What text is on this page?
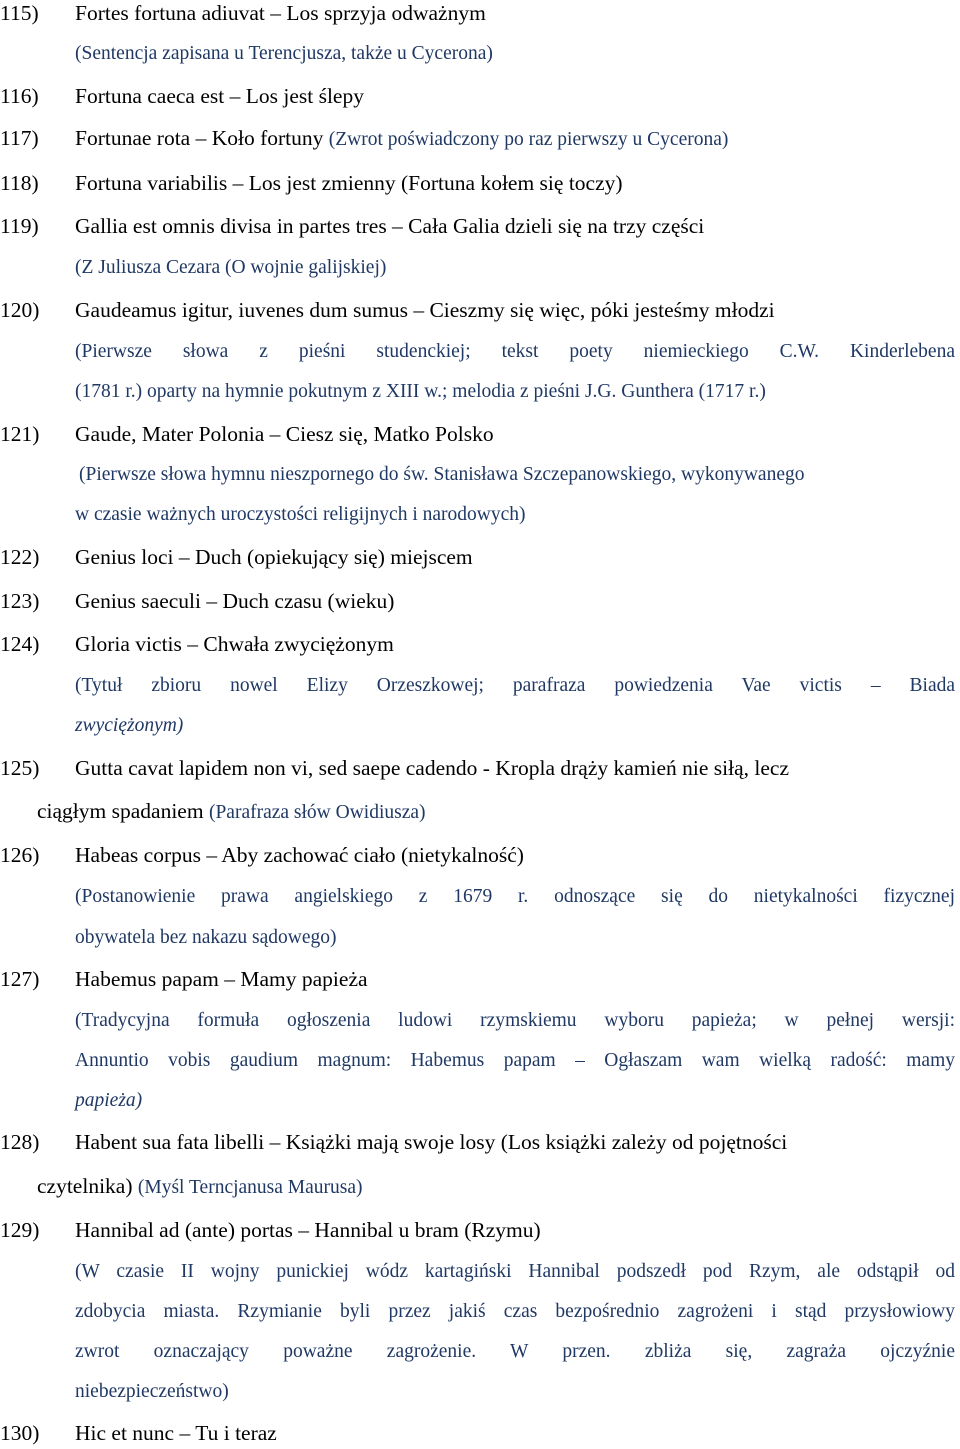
115) Fortes fortuna adiuvat – Los sprzyja odważnym
(Sentencja zapisana u Terencjusza, także u Cycerona)
116) Fortuna caeca est – Los jest ślepy
117) Fortunae rota – Koło fortuny (Zwrot poświadczony po raz pierwszy u Cycerona)
118) Fortuna variabilis – Los jest zmienny (Fortuna kołem się toczy)
119) Gallia est omnis divisa in partes tres – Cała Galia dzieli się na trzy części
(Z Juliusza Cezara (O wojnie galijskiej)
120) Gaudeamus igitur, iuvenes dum sumus – Cieszmy się więc, póki jesteśmy młodzi
(Pierwsze słowa z pieśni studenckiej; tekst poety niemieckiego C.W. Kinderlebena
(1781 r.) oparty na hymnie pokutnym z XIII w.; melodia z pieśni J.G. Gunthera (1717 r.)
121) Gaude, Mater Polonia – Ciesz się, Matko Polsko
(Pierwsze słowa hymnu nieszpornego do św. Stanisława Szczepanowskiego, wykonywanego
w czasie ważnych uroczystości religijnych i narodowych)
122) Genius loci – Duch (opiekujący się) miejscem
123) Genius saeculi – Duch czasu (wieku)
124) Gloria victis – Chwała zwyciężonym
(Tytuł zbioru nowel Elizy Orzeszkowej; parafraza powiedzenia Vae victis – Biada
zwyciężonym)
125) Gutta cavat lapidem non vi, sed saepe cadendo - Kropla drąży kamień nie siłą, lecz
ciągłym spadaniem (Parafraza słów Owidiusza)
126) Habeas corpus – Aby zachować ciało (nietykalność)
(Postanowienie prawa angielskiego z 1679 r. odnoszące się do nietykalności fizycznej
obywatela bez nakazu sądowego)
127) Habemus papam – Mamy papieża
(Tradycyjna formuła ogłoszenia ludowi rzymskiemu wyboru papieża; w pełnej wersji:
Annuntio vobis gaudium magnum: Habemus papam – Ogłaszam wam wielką radość: mamy
papieża)
128) Habent sua fata libelli – Książki mają swoje losy (Los książki zależy od pojętności
czytelnika) (Myśl Terncjanusa Maurusa)
129) Hannibal ad (ante) portas – Hannibal u bram (Rzymu)
(W czasie II wojny punickiej wódz kartagiński Hannibal podszedł pod Rzym, ale odstąpił od
zdobycia miasta. Rzymianie byli przez jakiś czas bezpośrednio zagrożeni i stąd przysłowiowy
zwrot oznaczający poważne zagrożenie. W przen. zbliża się, zagraża ojczyźnie
niebezpieczeństwo)
130) Hic et nunc – Tu i teraz
